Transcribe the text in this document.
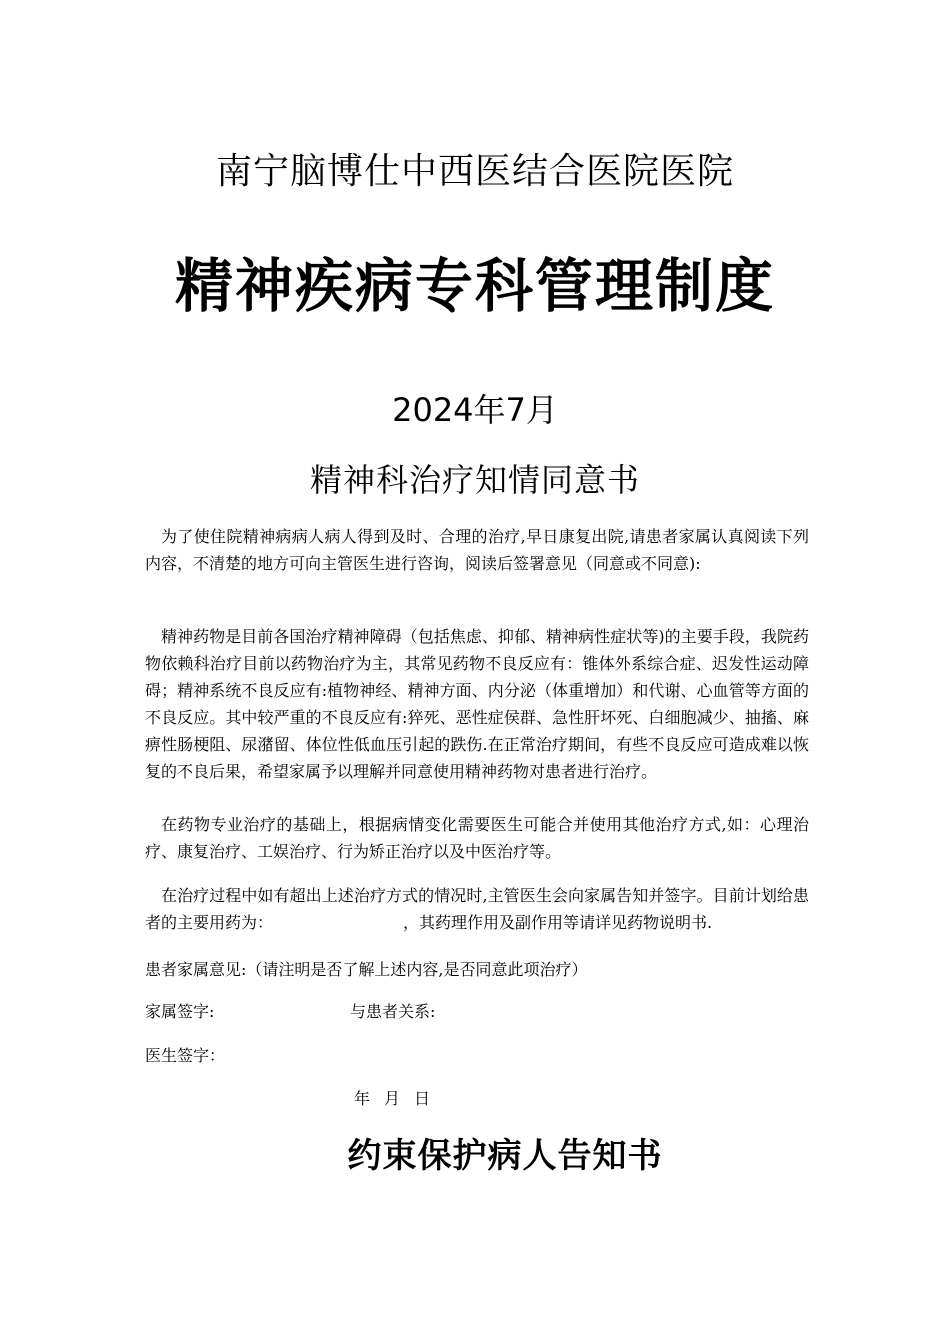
南宁脑博仕中西医结合医院医院
精神疾病专科管理制度
2024年7月
精神科治疗知情同意书
为了使住院精神病病人病人得到及时、合理的治疗,早日康复出院,请患者家属认真阅读下列内容，不清楚的地方可向主管医生进行咨询，阅读后签署意见（同意或不同意):
精神药物是目前各国治疗精神障碍（包括焦虑、抑郁、精神病性症状等)的主要手段，我院药物依赖科治疗目前以药物治疗为主，其常见药物不良反应有：锥体外系综合症、迟发性运动障碍；精神系统不良反应有:植物神经、精神方面、内分泌（体重增加）和代谢、心血管等方面的不良反应。其中较严重的不良反应有:猝死、恶性症侯群、急性肝坏死、白细胞减少、抽搐、麻痹性肠梗阻、尿潴留、体位性低血压引起的跌伤.在正常治疗期间，有些不良反应可造成难以恢复的不良后果，希望家属予以理解并同意使用精神药物对患者进行治疗。
在药物专业治疗的基础上，根据病情变化需要医生可能合并使用其他治疗方式,如：心理治疗、康复治疗、工娱治疗、行为矫正治疗以及中医治疗等。
在治疗过程中如有超出上述治疗方式的情况时,主管医生会向家属告知并签字。目前计划给患者的主要用药为：	，其药理作用及副作用等请详见药物说明书.
患者家属意见:（请注明是否了解上述内容,是否同意此项治疗）
家属签字:	与患者关系:
医生签字：
年 月 日
约束保护病人告知书
